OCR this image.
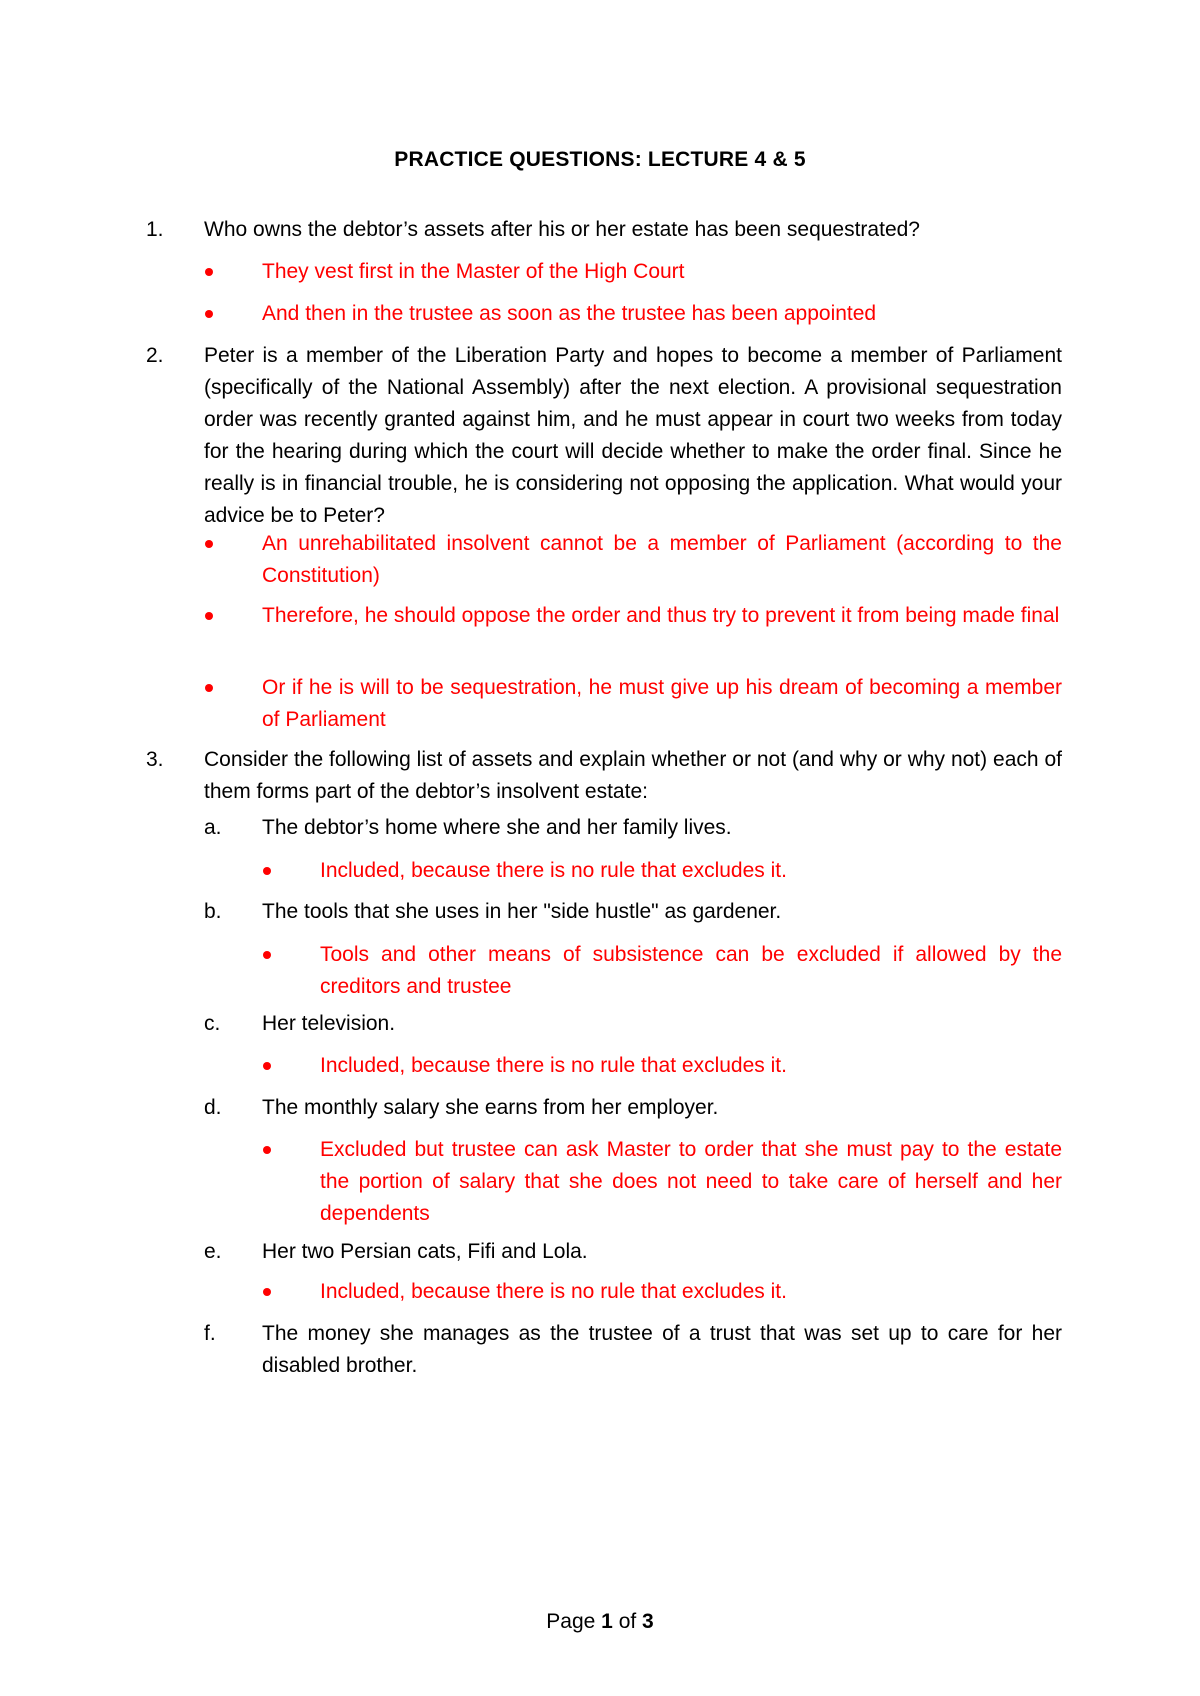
PRACTICE QUESTIONS: LECTURE 4 & 5
1. Who owns the debtor’s assets after his or her estate has been sequestrated?
They vest first in the Master of the High Court
And then in the trustee as soon as the trustee has been appointed
2. Peter is a member of the Liberation Party and hopes to become a member of Parliament (specifically of the National Assembly) after the next election. A provisional sequestration order was recently granted against him, and he must appear in court two weeks from today for the hearing during which the court will decide whether to make the order final. Since he really is in financial trouble, he is considering not opposing the application. What would your advice be to Peter?
An unrehabilitated insolvent cannot be a member of Parliament (according to the Constitution)
Therefore, he should oppose the order and thus try to prevent it from being made final
Or if he is will to be sequestration, he must give up his dream of becoming a member of Parliament
3. Consider the following list of assets and explain whether or not (and why or why not) each of them forms part of the debtor’s insolvent estate:
a. The debtor’s home where she and her family lives.
Included, because there is no rule that excludes it.
b. The tools that she uses in her "side hustle" as gardener.
Tools and other means of subsistence can be excluded if allowed by the creditors and trustee
c. Her television.
Included, because there is no rule that excludes it.
d. The monthly salary she earns from her employer.
Excluded but trustee can ask Master to order that she must pay to the estate the portion of salary that she does not need to take care of herself and her dependents
e. Her two Persian cats, Fifi and Lola.
Included, because there is no rule that excludes it.
f. The money she manages as the trustee of a trust that was set up to care for her disabled brother.
Page 1 of 3
